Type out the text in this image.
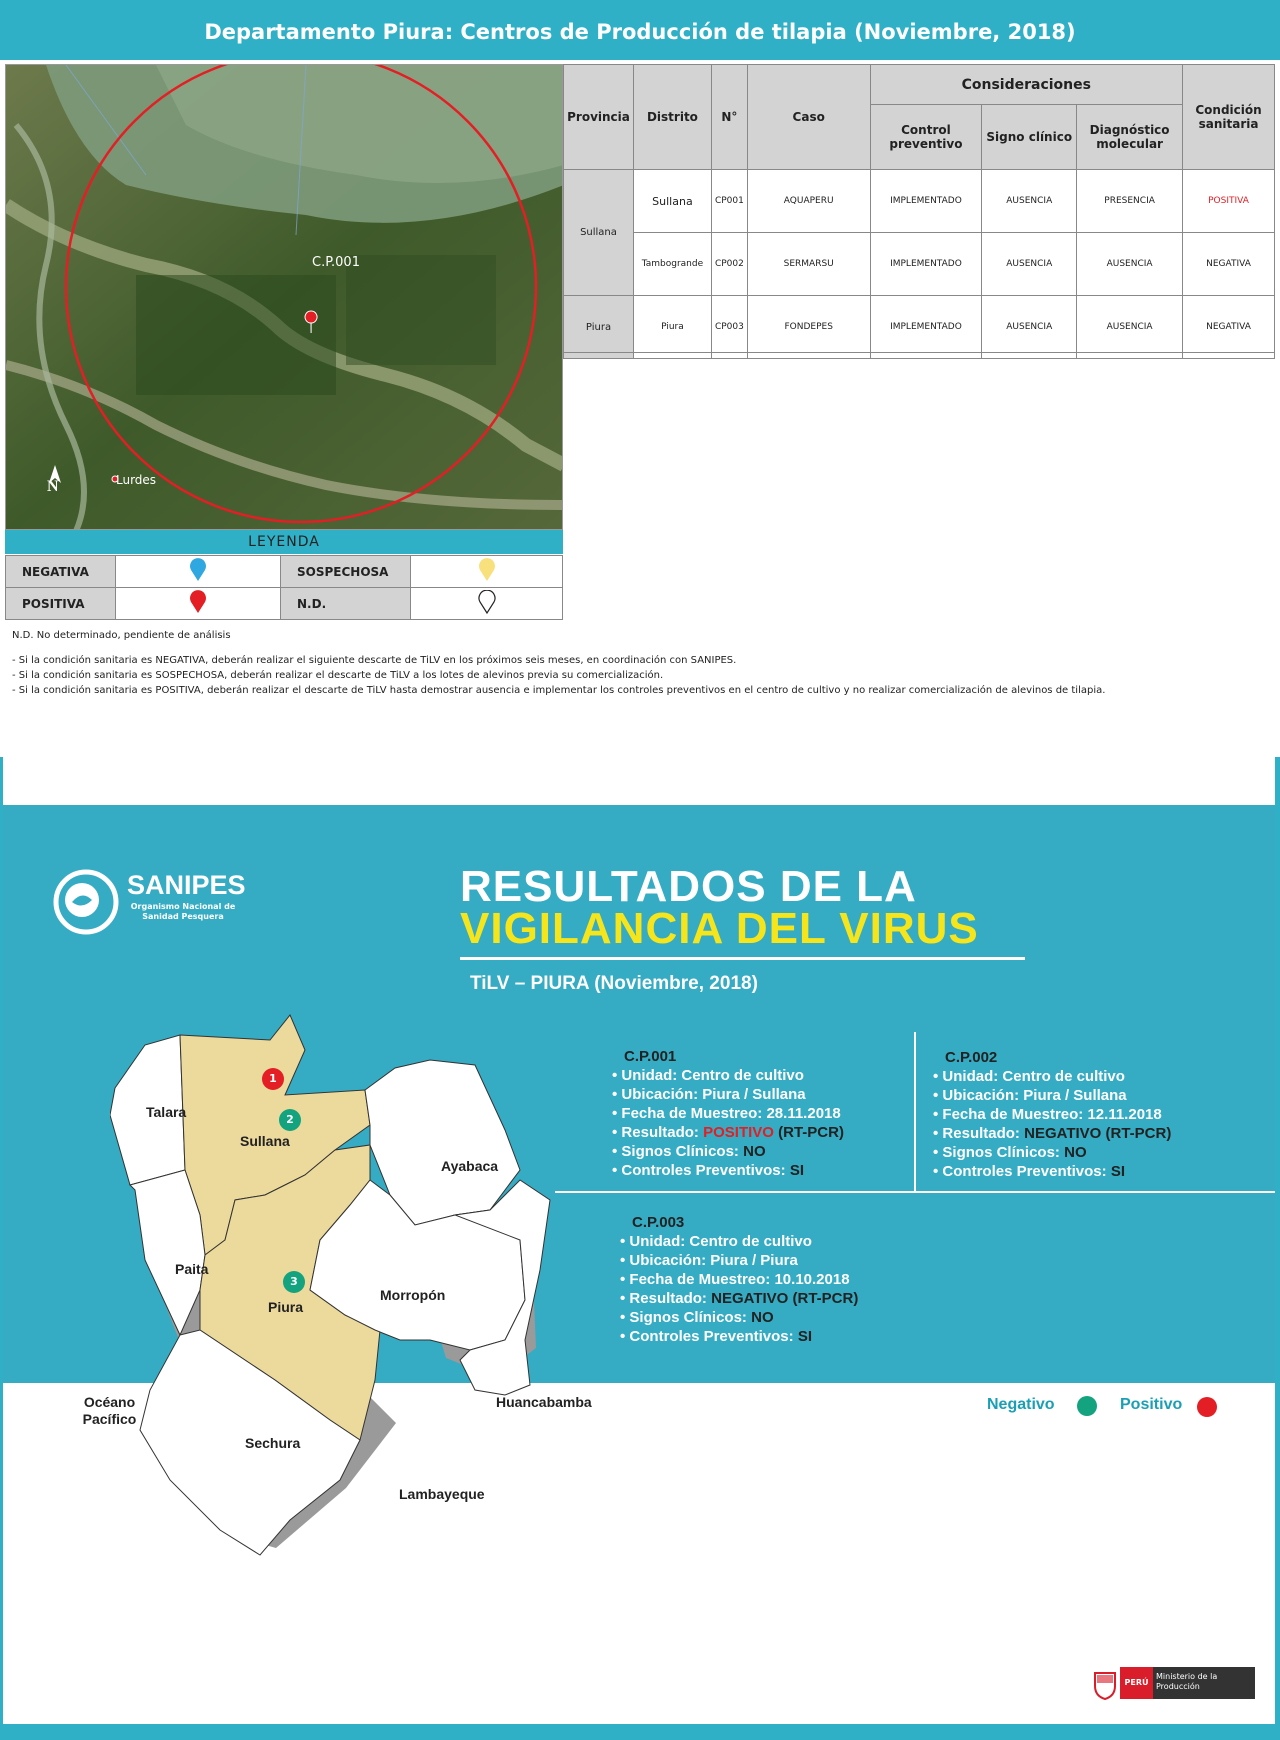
Departamento Piura: Centros de Producción de tilapia (Noviembre, 2018)
C.P.001
Lurdes
N
LEYENDA
NEGATIVA		SOSPECHOSA	
POSITIVA		N.D.	
Provincia	Distrito	N°	Caso	Consideraciones			Condición sanitaria
				Control preventivo	Signo clínico	Diagnóstico molecular	
Sullana	Sullana	CP001	AQUAPERU	IMPLEMENTADO	AUSENCIA	PRESENCIA	POSITIVA
	Tambogrande	CP002	SERMARSU	IMPLEMENTADO	AUSENCIA	AUSENCIA	NEGATIVA
Piura	Piura	CP003	FONDEPES	IMPLEMENTADO	AUSENCIA	AUSENCIA	NEGATIVA

N.D. No determinado, pendiente de análisis

- Si la condición sanitaria es NEGATIVA, deberán realizar el siguiente descarte de TiLV en los próximos seis meses, en coordinación con SANIPES.

- Si la condición sanitaria es SOSPECHOSA, deberán realizar el descarte de TiLV a los lotes de alevinos previa su comercialización.

- Si la condición sanitaria es POSITIVA, deberán realizar el descarte de TiLV hasta demostrar ausencia e implementar los controles preventivos en el centro de cultivo y no realizar comercialización de alevinos de tilapia.

SANIPES
Organismo Nacional de Sanidad Pesquera
RESULTADOS DE LA
VIGILANCIA DEL VIRUS
TiLV – PIURA (Noviembre, 2018)
Talara
Sullana
Ayabaca
Paita
Piura
Morropón
Sechura
Huancabamba
Océano Pacífico
Lambayeque
1
2
3
C.P.001
• Unidad: Centro de cultivo
• Ubicación: Piura / Sullana
• Fecha de Muestreo: 28.11.2018
• Resultado: POSITIVO (RT-PCR)
• Signos Clínicos: NO
• Controles Preventivos: SI
C.P.002
• Unidad: Centro de cultivo
• Ubicación: Piura / Sullana
• Fecha de Muestreo: 12.11.2018
• Resultado: NEGATIVO (RT-PCR)
• Signos Clínicos: NO
• Controles Preventivos: SI
C.P.003
• Unidad: Centro de cultivo
• Ubicación: Piura / Piura
• Fecha de Muestreo: 10.10.2018
• Resultado: NEGATIVO (RT-PCR)
• Signos Clínicos: NO
• Controles Preventivos: SI
Negativo	Positivo
PERÚ
Ministerio de la Producción
